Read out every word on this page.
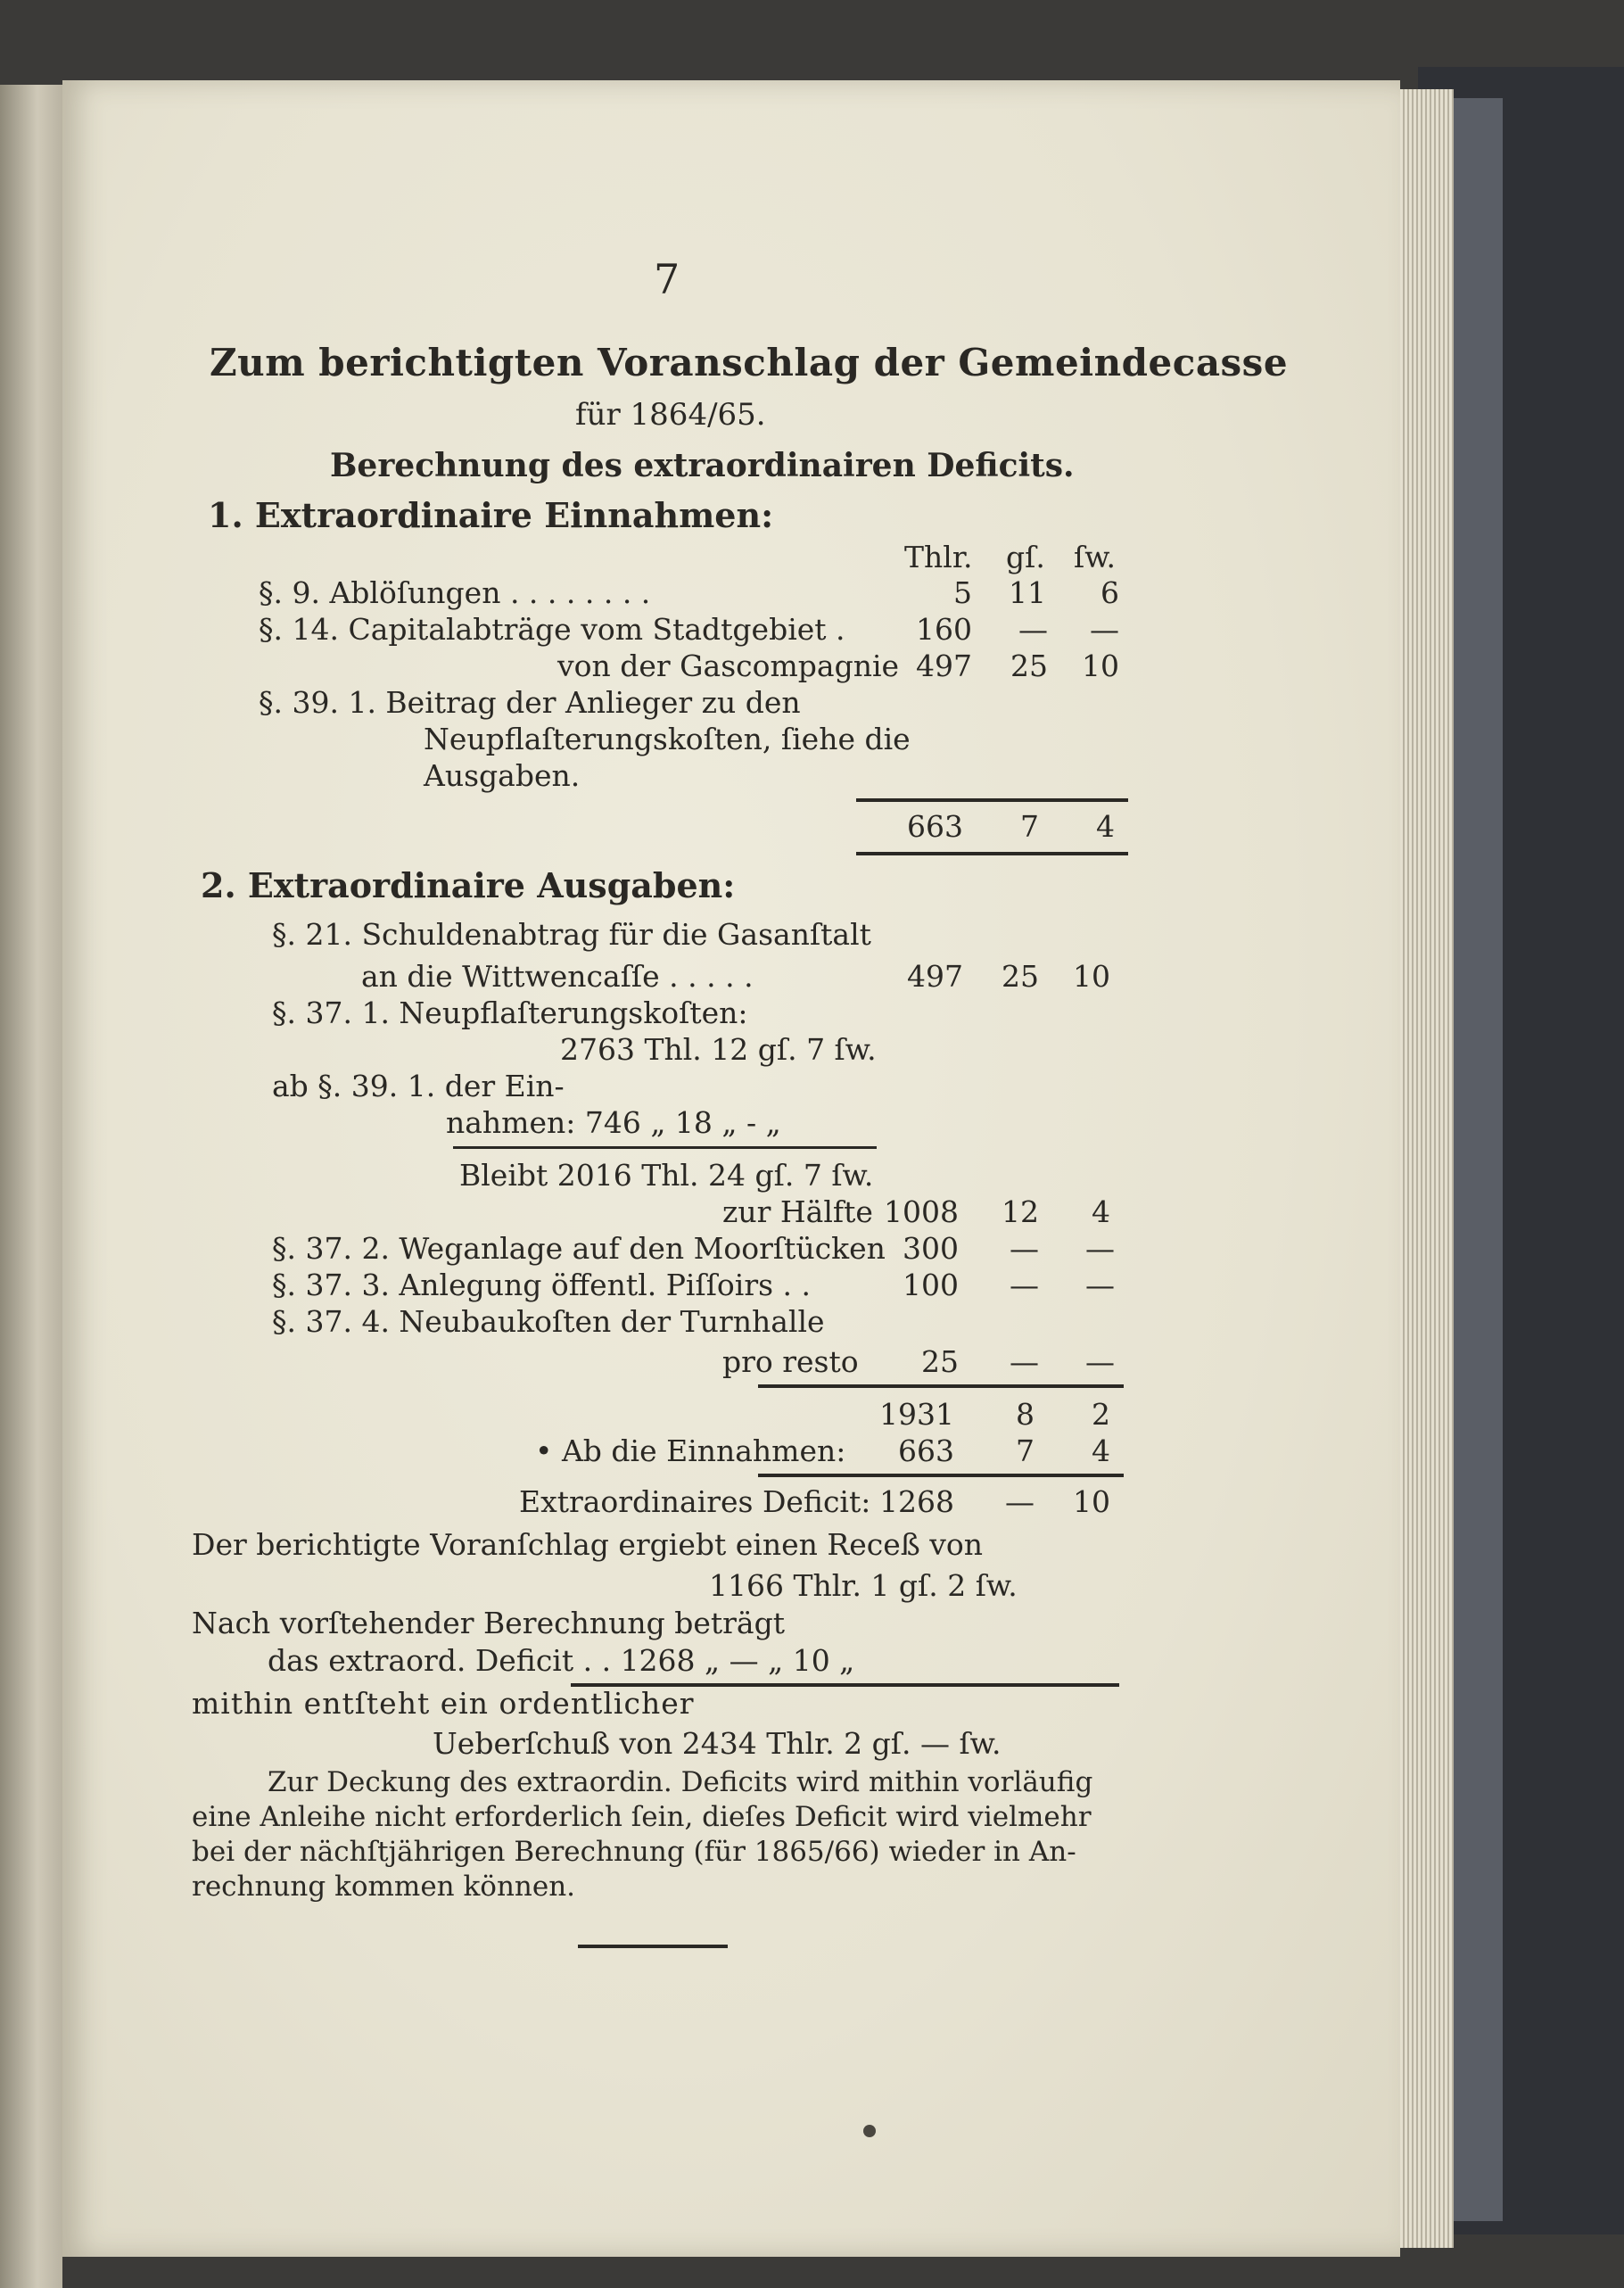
7
Zum berichtigten Voranschlag der Gemeindecasse
für 1864/65.
Berechnung des extraordinairen Deficits.
1. Extraordinaire Einnahmen:
Thlr. gſ. ſw.
§. 9. Ablöſungen . . . . . . . .	5 11	6
§. 14. Capitalabträge vom Stadtgebiet .	160	—	—
von der Gascompagnie 497	25	10
§. 39. 1. Beitrag der Anlieger zu den
Neupflaſterungskoſten, ſiehe die
Ausgaben.
663	7	4
2. Extraordinaire Ausgaben:
§. 21. Schuldenabtrag für die Gasanſtalt
an die Wittwencaſſe . . . . .	497 25 10
§. 37. 1. Neupflaſterungskoſten:
2763 Thl. 12 gſ. 7 ſw.
ab §. 39. 1. der Ein-
nahmen: 746 „ 18 „ - „
Bleibt 2016 Thl. 24 gſ. 7 ſw.
zur Hälfte 1008 12	4
§. 37. 2. Weganlage auf den Moorſtücken 300	—	—
§. 37. 3. Anlegung öffentl. Piſſoirs . .	100	—	—
§. 37. 4. Neubaukoſten der Turnhalle
pro resto	25	—	—
1931	8	2
• Ab die Einnahmen:	663	7	4
Extraordinaires Deficit: 1268	— 10
Der berichtigte Voranſchlag ergiebt einen Receß von
1166 Thlr. 1 gſ. 2 ſw.
Nach vorſtehender Berechnung beträgt
das extraord. Deficit . . 1268 „ — „ 10 „
mithin entſteht ein ordentlicher
Ueberſchuß von 2434 Thlr. 2 gſ. — ſw.
Zur Deckung des extraordin. Deficits wird mithin vorläufig
eine Anleihe nicht erforderlich ſein, dieſes Deficit wird vielmehr
bei der nächſtjährigen Berechnung (für 1865/66) wieder in An-
rechnung kommen können.
